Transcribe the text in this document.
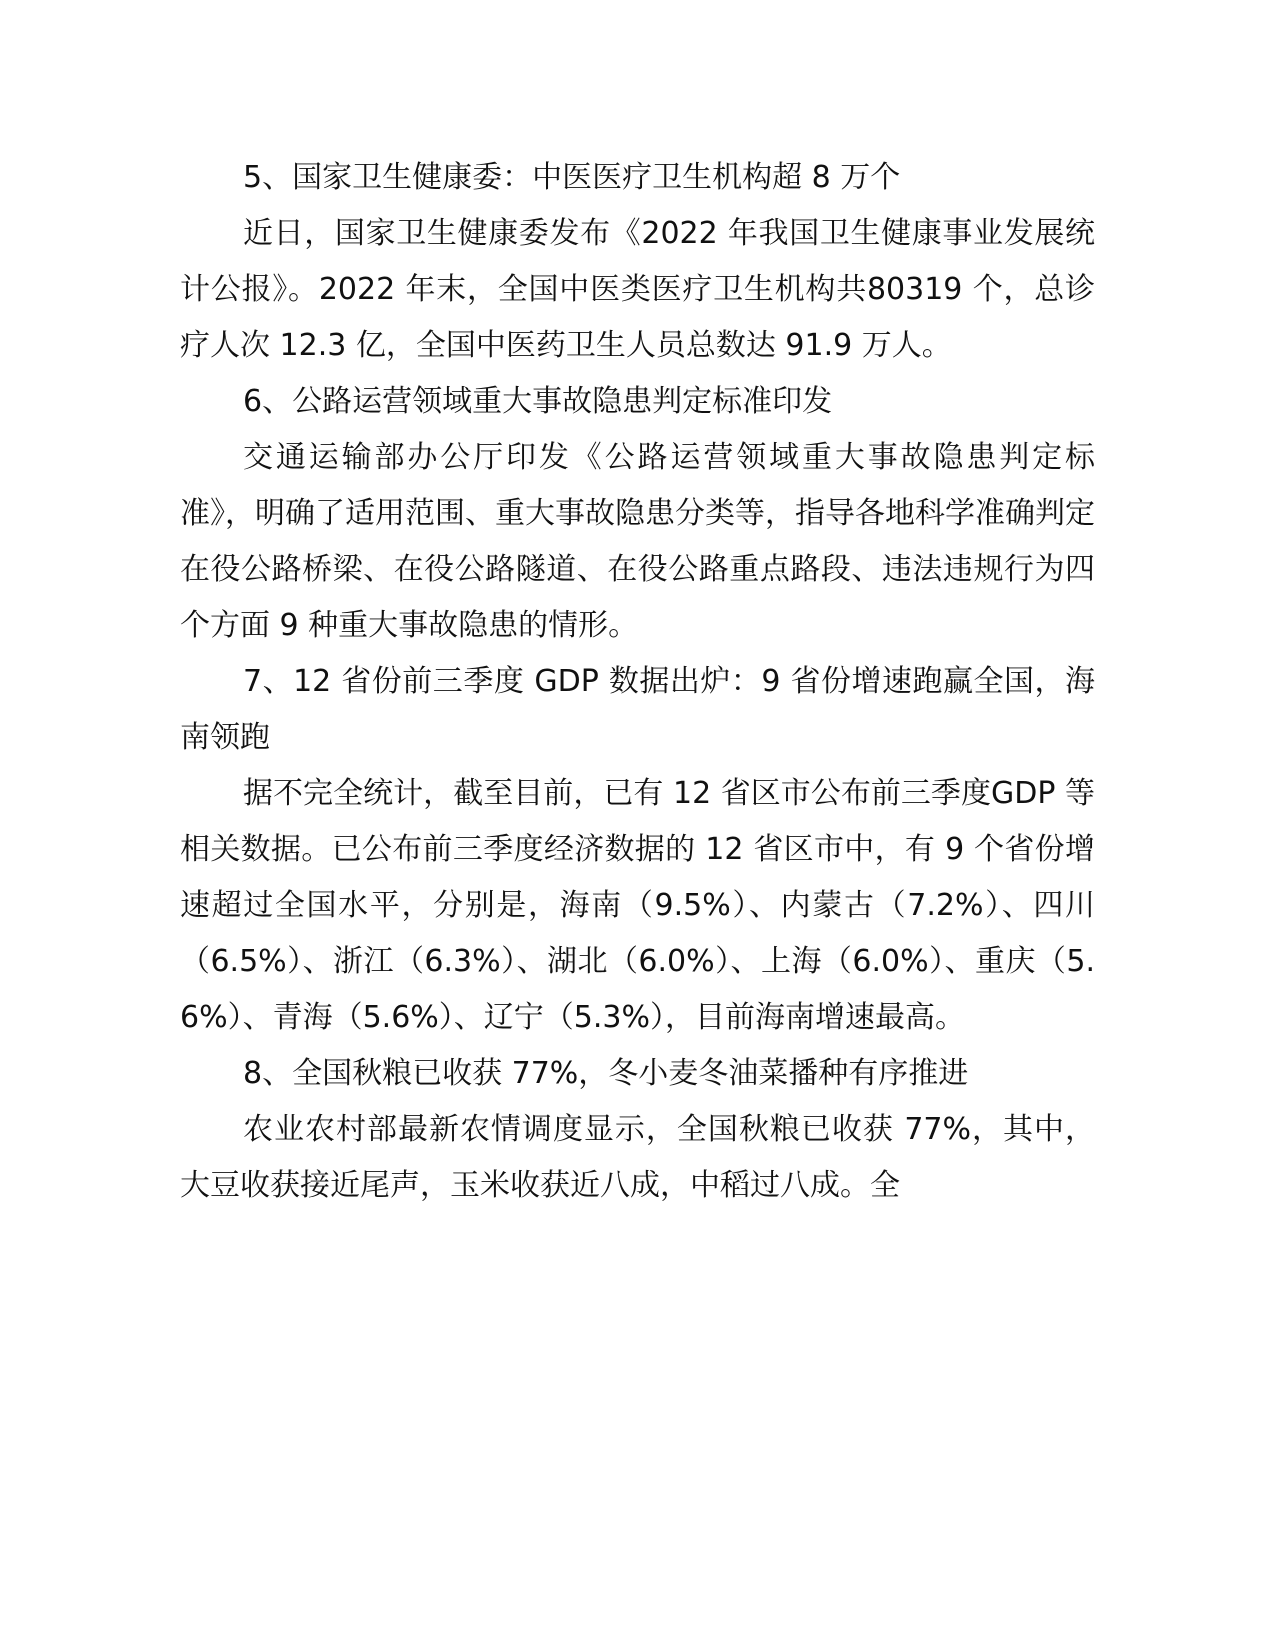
5、国家卫生健康委：中医医疗卫生机构超 8 万个

近日，国家卫生健康委发布《2022 年我国卫生健康事业发展统计公报》。2022 年末，全国中医类医疗卫生机构共80319 个，总诊疗人次 12.3 亿，全国中医药卫生人员总数达 91.9 万人。

6、公路运营领域重大事故隐患判定标准印发

交通运输部办公厅印发《公路运营领域重大事故隐患判定标准》，明确了适用范围、重大事故隐患分类等，指导各地科学准确判定在役公路桥梁、在役公路隧道、在役公路重点路段、违法违规行为四个方面 9 种重大事故隐患的情形。

7、12 省份前三季度 GDP 数据出炉：9 省份增速跑赢全国，海南领跑

据不完全统计，截至目前，已有 12 省区市公布前三季度GDP 等相关数据。已公布前三季度经济数据的 12 省区市中，有 9 个省份增速超过全国水平，分别是，海南（9.5%）、内蒙古（7.2%）、四川（6.5%）、浙江（6.3%）、湖北（6.0%）、上海（6.0%）、重庆（5.6%）、青海（5.6%）、辽宁（5.3%），目前海南增速最高。

8、全国秋粮已收获 77%，冬小麦冬油菜播种有序推进

农业农村部最新农情调度显示，全国秋粮已收获 77%，其中，大豆收获接近尾声，玉米收获近八成，中稻过八成。全
